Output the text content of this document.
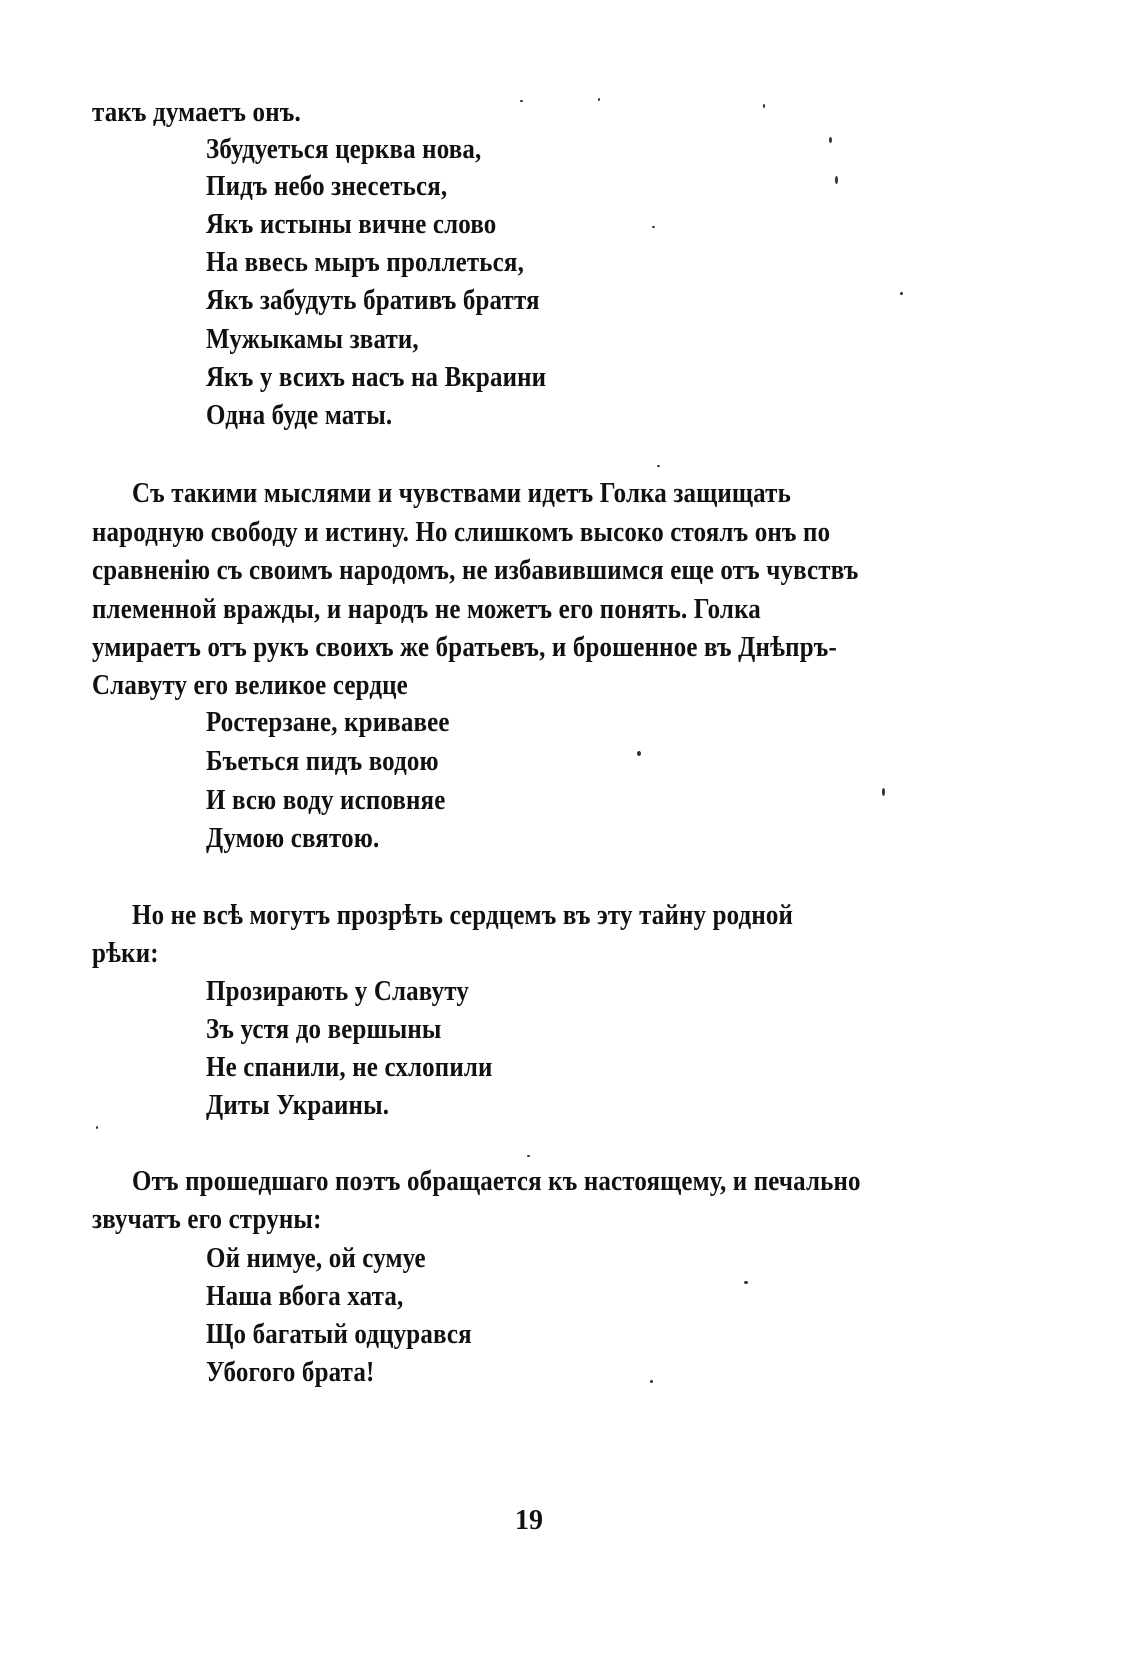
такъ думаетъ онъ.
Збудуеться церква нова,
Пидъ небо знесеться,
Якъ истыны вичне слово
На ввесь мыръ проллеться,
Якъ забудуть бративъ браття
Мужыкамы звати,
Якъ у всихъ насъ на Вкраини
Одна буде маты.
Съ такими мыслями и чувствами идетъ Голка защищать
народную свободу и истину. Но слишкомъ высоко стоялъ онъ по
сравненію съ своимъ народомъ, не избавившимся еще отъ чувствъ
племенной вражды, и народъ не можетъ его понять. Голка
умираетъ отъ рукъ своихъ же братьевъ, и брошенное въ Днѣпръ-
Славуту его великое сердце
Ростерзане, кривавее
Бъеться пидъ водою
И всю воду исповняе
Думою святою.
Но не всѣ могутъ прозрѣть сердцемъ въ эту тайну родной
рѣки:
Прозирають у Славуту
Зъ устя до вершыны
Не спанили, не схлопили
Диты Украины.
Отъ прошедшаго поэтъ обращается къ настоящему, и печально
звучатъ его струны:
Ой нимуе, ой сумуе
Наша вбога хата,
Що багатый одцурався
Убогого брата!
19
